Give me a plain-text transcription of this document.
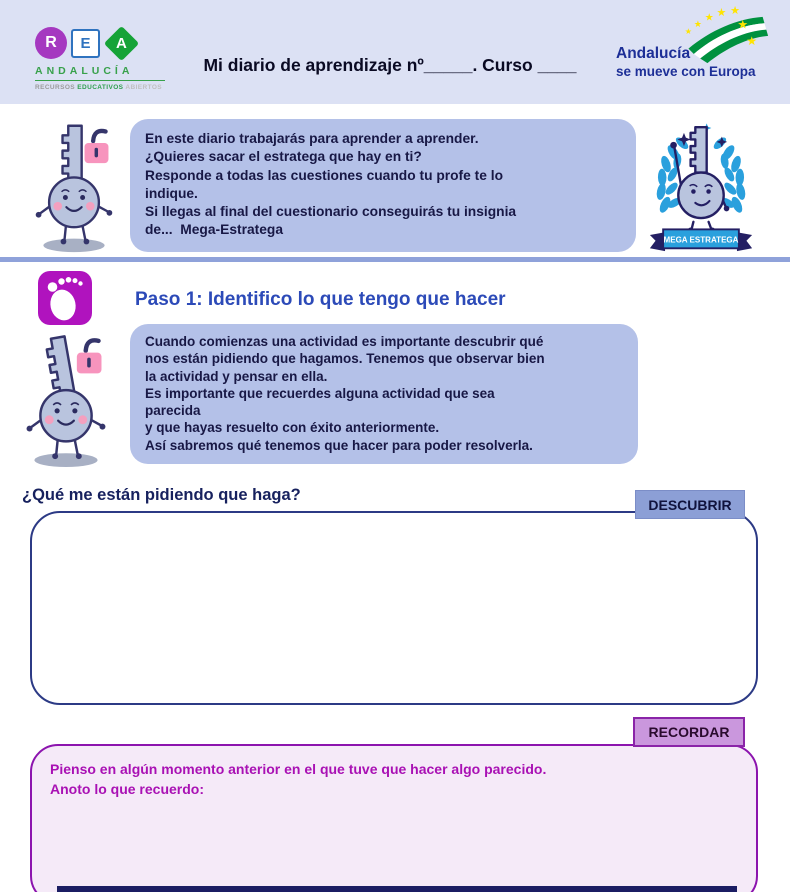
R	E	A
ANDALUCÍA
RECURSOS EDUCATIVOS ABIERTOS
Mi diario de aprendizaje nº_____. Curso ____
★
★
★ ★ ★
★
★
Andalucía
se mueve con Europa
En este diario trabajarás para aprender a aprender.
¿Quieres sacar el estratega que hay en ti?
Responde a todas las cuestiones cuando tu profe te lo
indique.
Si llegas al final del cuestionario conseguirás tu insignia
de...  Mega-Estratega
MEGA ESTRATEGA
Paso 1: Identifico lo que tengo que hacer
Cuando comienzas una actividad es importante descubrir qué
nos están pidiendo que hagamos. Tenemos que observar bien
la actividad y pensar en ella.
Es importante que recuerdes alguna actividad que sea
parecida
y que hayas resuelto con éxito anteriormente.
Así sabremos qué tenemos que hacer para poder resolverla.
¿Qué me están pidiendo que haga?
DESCUBRIR
RECORDAR
Pienso en algún momento anterior en el que tuve que hacer algo parecido.
Anoto lo que recuerdo:
